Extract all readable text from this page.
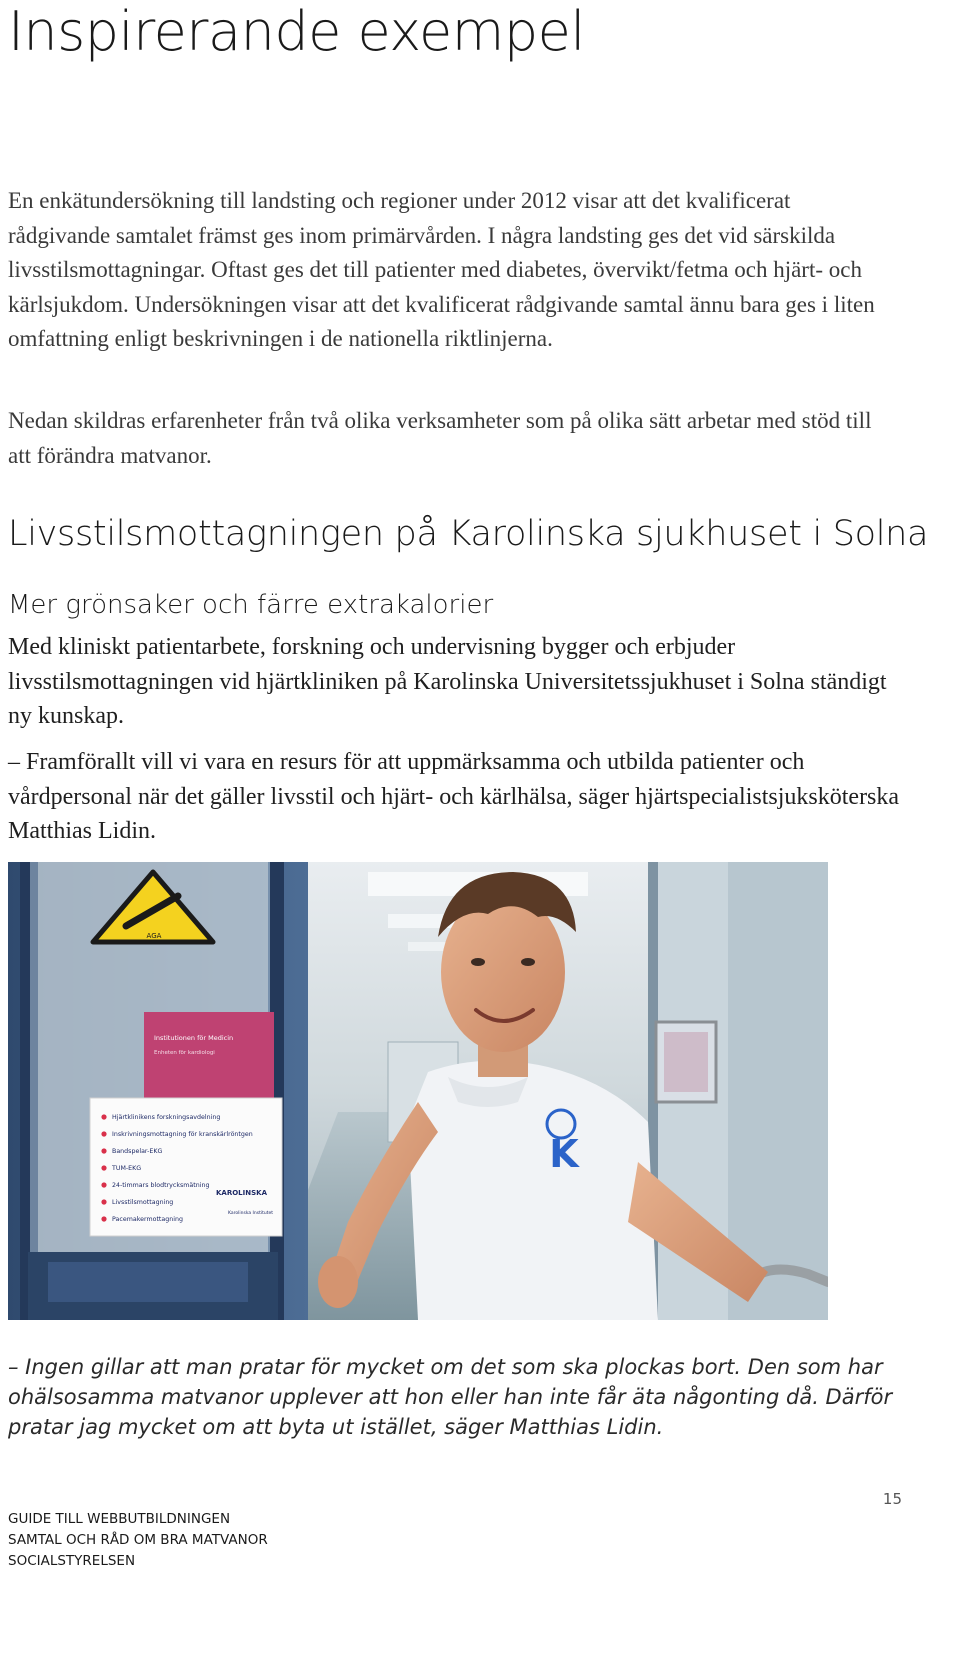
Inspirerande exempel

En enkätundersökning till landsting och regioner under 2012 visar att det kvalificerat rådgivande samtalet främst ges inom primärvården. I några landsting ges det vid särskilda livsstilsmottagningar. Oftast ges det till patienter med diabetes, övervikt/fetma och hjärt- och kärlsjukdom. Undersökningen visar att det kvalificerat rådgivande samtal ännu bara ges i liten omfattning enligt beskrivningen i de nationella riktlinjerna.

Nedan skildras erfarenheter från två olika verksamheter som på olika sätt arbetar med stöd till att förändra matvanor.

Livsstilsmottagningen på Karolinska sjukhuset i Solna
Mer grönsaker och färre extrakalorier

Med kliniskt patientarbete, forskning och undervisning bygger och erbjuder livsstilsmottagningen vid hjärtkliniken på Karolinska Universitetssjukhuset i Solna ständigt ny kunskap.

– Framförallt vill vi vara en resurs för att uppmärksamma och utbilda patienter och vårdpersonal när det gäller livsstil och hjärt- och kärlhälsa, säger hjärtspecialistsjuksköterska Matthias Lidin.

AGA
Institutionen för Medicin
Enheten för kardiologi
Hjärtklinikens forskningsavdelning
Inskrivningsmottagning för kranskärlröntgen
Bandspelar-EKG
TUM-EKG
24-timmars blodtrycksmätning
Livsstilsmottagning
Pacemakermottagning
KAROLINSKA
Karolinska Institutet
K

– Ingen gillar att man pratar för mycket om det som ska plockas bort. Den som har ohälsosamma matvanor upplever att hon eller han inte får äta någonting då. Därför pratar jag mycket om att byta ut istället, säger Matthias Lidin.

GUIDE TILL WEBBUTBILDNINGEN
SAMTAL OCH RÅD OM BRA MATVANOR
SOCIALSTYRELSEN
15
